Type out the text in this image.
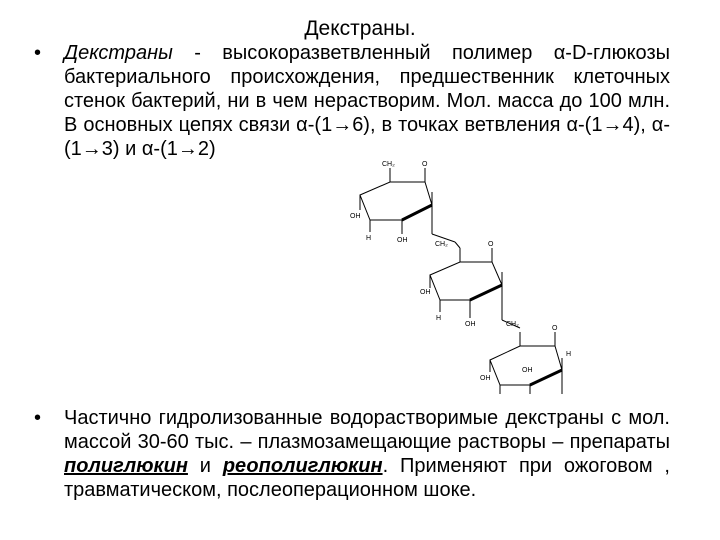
Декстраны.
• Декстраны - высокоразветвленный полимер α-D-глюкозы бактериального происхождения, предшественник клеточных стенок бактерий, ни в чем нерастворим. Мол. масса до 100 млн. В основных цепях связи α-(1→6), в точках ветвления α-(1→4), α-(1→3) и α-(1→2)
CH₂	O
OH
H	OH
CH₂	O
OH
H
OH	CH₂
O
OH
OH
H
• Частично гидролизованные водорастворимые декстраны с мол. массой 30-60 тыс. – плазмозамещающие растворы – препараты полиглюкин и реополиглюкин. Применяют при ожоговом , травматическом, послеоперационном шоке.
